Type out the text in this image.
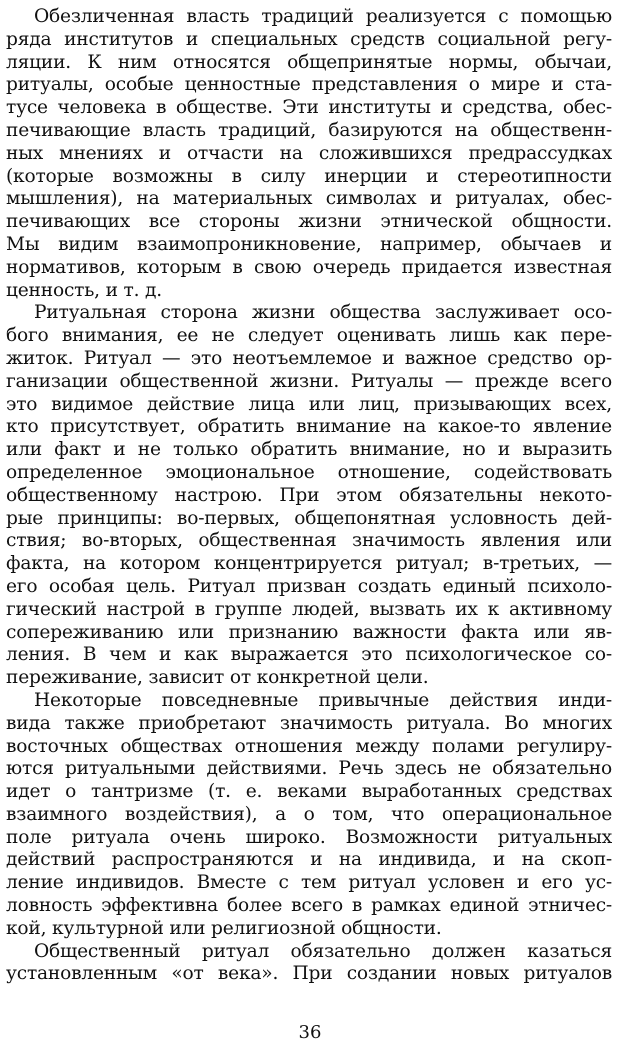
Обезличенная власть традиций реализуется с помощью
ряда институтов и специальных средств социальной регу-
ляции. К ним относятся общепринятые нормы, обычаи,
ритуалы, особые ценностные представления о мире и ста-
тусе человека в обществе. Эти институты и средства, обес-
печивающие власть традиций, базируются на общественн-
ных мнениях и отчасти на сложившихся предрассудках
(которые возможны в силу инерции и стереотипности
мышления), на материальных символах и ритуалах, обес-
печивающих все стороны жизни этнической общности.
Мы видим взаимопроникновение, например, обычаев и
нормативов, которым в свою очередь придается известная
ценность, и т. д.
Ритуальная сторона жизни общества заслуживает осо-
бого внимания, ее не следует оценивать лишь как пере-
житок. Ритуал — это неотъемлемое и важное средство ор-
ганизации общественной жизни. Ритуалы — прежде всего
это видимое действие лица или лиц, призывающих всех,
кто присутствует, обратить внимание на какое-то явление
или факт и не только обратить внимание, но и выразить
определенное эмоциональное отношение, содействовать
общественному настрою. При этом обязательны некото-
рые принципы: во-первых, общепонятная условность дей-
ствия; во-вторых, общественная значимость явления или
факта, на котором концентрируется ритуал; в-третьих, —
его особая цель. Ритуал призван создать единый психоло-
гический настрой в группе людей, вызвать их к активному
сопереживанию или признанию важности факта или яв-
ления. В чем и как выражается это психологическое со-
переживание, зависит от конкретной цели.
Некоторые повседневные привычные действия инди-
вида также приобретают значимость ритуала. Во многих
восточных обществах отношения между полами регулиру-
ются ритуальными действиями. Речь здесь не обязательно
идет о тантризме (т. е. веками выработанных средствах
взаимного воздействия), а о том, что операциональное
поле ритуала очень широко. Возможности ритуальных
действий распространяются и на индивида, и на скоп-
ление индивидов. Вместе с тем ритуал условен и его ус-
ловность эффективна более всего в рамках единой этничес-
кой, культурной или религиозной общности.
Общественный ритуал обязательно должен казаться
установленным «от века». При создании новых ритуалов
36
